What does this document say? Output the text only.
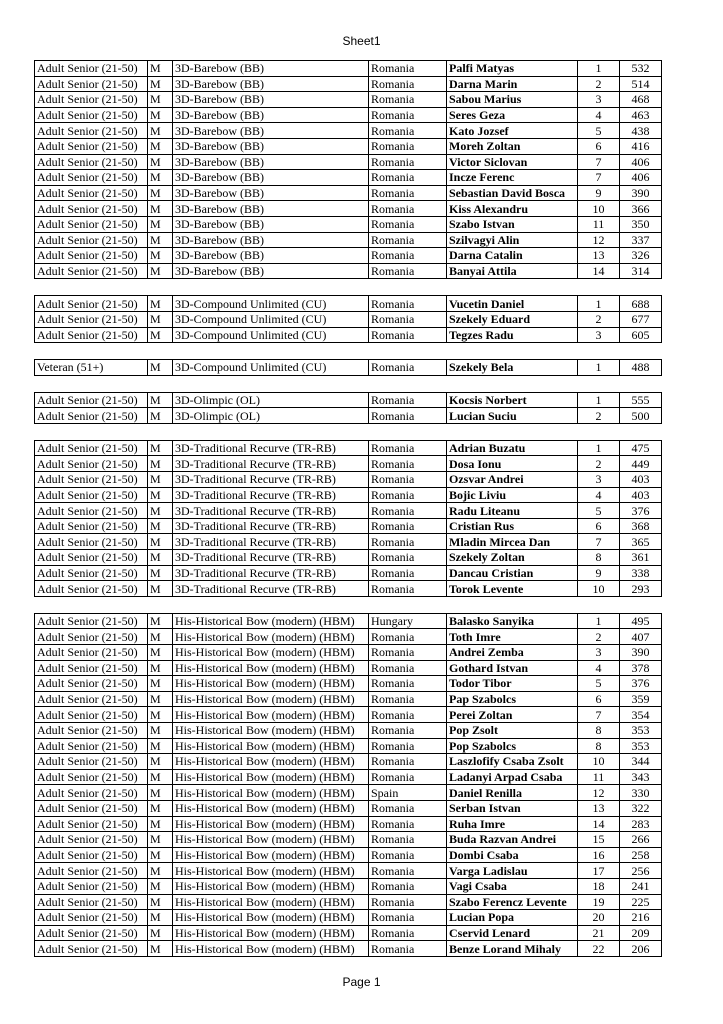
Sheet1
Adult Senior (21-50)	M	3D-Barebow (BB)	Romania	Palfi Matyas	1	532
Adult Senior (21-50)	M	3D-Barebow (BB)	Romania	Darna Marin	2	514
Adult Senior (21-50)	M	3D-Barebow (BB)	Romania	Sabou Marius	3	468
Adult Senior (21-50)	M	3D-Barebow (BB)	Romania	Seres Geza	4	463
Adult Senior (21-50)	M	3D-Barebow (BB)	Romania	Kato Jozsef	5	438
Adult Senior (21-50)	M	3D-Barebow (BB)	Romania	Moreh Zoltan	6	416
Adult Senior (21-50)	M	3D-Barebow (BB)	Romania	Victor Siclovan	7	406
Adult Senior (21-50)	M	3D-Barebow (BB)	Romania	Incze Ferenc	7	406
Adult Senior (21-50)	M	3D-Barebow (BB)	Romania	Sebastian David Bosca	9	390
Adult Senior (21-50)	M	3D-Barebow (BB)	Romania	Kiss Alexandru	10	366
Adult Senior (21-50)	M	3D-Barebow (BB)	Romania	Szabo Istvan	11	350
Adult Senior (21-50)	M	3D-Barebow (BB)	Romania	Szilvagyi Alin	12	337
Adult Senior (21-50)	M	3D-Barebow (BB)	Romania	Darna Catalin	13	326
Adult Senior (21-50)	M	3D-Barebow (BB)	Romania	Banyai Attila	14	314
Adult Senior (21-50)	M	3D-Compound Unlimited (CU)	Romania	Vucetin Daniel	1	688
Adult Senior (21-50)	M	3D-Compound Unlimited (CU)	Romania	Szekely Eduard	2	677
Adult Senior (21-50)	M	3D-Compound Unlimited (CU)	Romania	Tegzes Radu	3	605
Veteran (51+)	M	3D-Compound Unlimited (CU)	Romania	Szekely Bela	1	488
Adult Senior (21-50)	M	3D-Olimpic (OL)	Romania	Kocsis Norbert	1	555
Adult Senior (21-50)	M	3D-Olimpic (OL)	Romania	Lucian Suciu	2	500
Adult Senior (21-50)	M	3D-Traditional Recurve (TR-RB)	Romania	Adrian Buzatu	1	475
Adult Senior (21-50)	M	3D-Traditional Recurve (TR-RB)	Romania	Dosa Ionu	2	449
Adult Senior (21-50)	M	3D-Traditional Recurve (TR-RB)	Romania	Ozsvar Andrei	3	403
Adult Senior (21-50)	M	3D-Traditional Recurve (TR-RB)	Romania	Bojic Liviu	4	403
Adult Senior (21-50)	M	3D-Traditional Recurve (TR-RB)	Romania	Radu Liteanu	5	376
Adult Senior (21-50)	M	3D-Traditional Recurve (TR-RB)	Romania	Cristian Rus	6	368
Adult Senior (21-50)	M	3D-Traditional Recurve (TR-RB)	Romania	Mladin Mircea Dan	7	365
Adult Senior (21-50)	M	3D-Traditional Recurve (TR-RB)	Romania	Szekely Zoltan	8	361
Adult Senior (21-50)	M	3D-Traditional Recurve (TR-RB)	Romania	Dancau Cristian	9	338
Adult Senior (21-50)	M	3D-Traditional Recurve (TR-RB)	Romania	Torok Levente	10	293
Adult Senior (21-50)	M	His-Historical Bow (modern) (HBM)	Hungary	Balasko Sanyika	1	495
Adult Senior (21-50)	M	His-Historical Bow (modern) (HBM)	Romania	Toth Imre	2	407
Adult Senior (21-50)	M	His-Historical Bow (modern) (HBM)	Romania	Andrei Zemba	3	390
Adult Senior (21-50)	M	His-Historical Bow (modern) (HBM)	Romania	Gothard Istvan	4	378
Adult Senior (21-50)	M	His-Historical Bow (modern) (HBM)	Romania	Todor Tibor	5	376
Adult Senior (21-50)	M	His-Historical Bow (modern) (HBM)	Romania	Pap Szabolcs	6	359
Adult Senior (21-50)	M	His-Historical Bow (modern) (HBM)	Romania	Perei Zoltan	7	354
Adult Senior (21-50)	M	His-Historical Bow (modern) (HBM)	Romania	Pop Zsolt	8	353
Adult Senior (21-50)	M	His-Historical Bow (modern) (HBM)	Romania	Pop Szabolcs	8	353
Adult Senior (21-50)	M	His-Historical Bow (modern) (HBM)	Romania	Laszlofify Csaba Zsolt	10	344
Adult Senior (21-50)	M	His-Historical Bow (modern) (HBM)	Romania	Ladanyi Arpad Csaba	11	343
Adult Senior (21-50)	M	His-Historical Bow (modern) (HBM)	Spain	Daniel Renilla	12	330
Adult Senior (21-50)	M	His-Historical Bow (modern) (HBM)	Romania	Serban Istvan	13	322
Adult Senior (21-50)	M	His-Historical Bow (modern) (HBM)	Romania	Ruha Imre	14	283
Adult Senior (21-50)	M	His-Historical Bow (modern) (HBM)	Romania	Buda Razvan Andrei	15	266
Adult Senior (21-50)	M	His-Historical Bow (modern) (HBM)	Romania	Dombi Csaba	16	258
Adult Senior (21-50)	M	His-Historical Bow (modern) (HBM)	Romania	Varga Ladislau	17	256
Adult Senior (21-50)	M	His-Historical Bow (modern) (HBM)	Romania	Vagi Csaba	18	241
Adult Senior (21-50)	M	His-Historical Bow (modern) (HBM)	Romania	Szabo Ferencz Levente	19	225
Adult Senior (21-50)	M	His-Historical Bow (modern) (HBM)	Romania	Lucian Popa	20	216
Adult Senior (21-50)	M	His-Historical Bow (modern) (HBM)	Romania	Cservid Lenard	21	209
Adult Senior (21-50)	M	His-Historical Bow (modern) (HBM)	Romania	Benze Lorand Mihaly	22	206
Page 1
